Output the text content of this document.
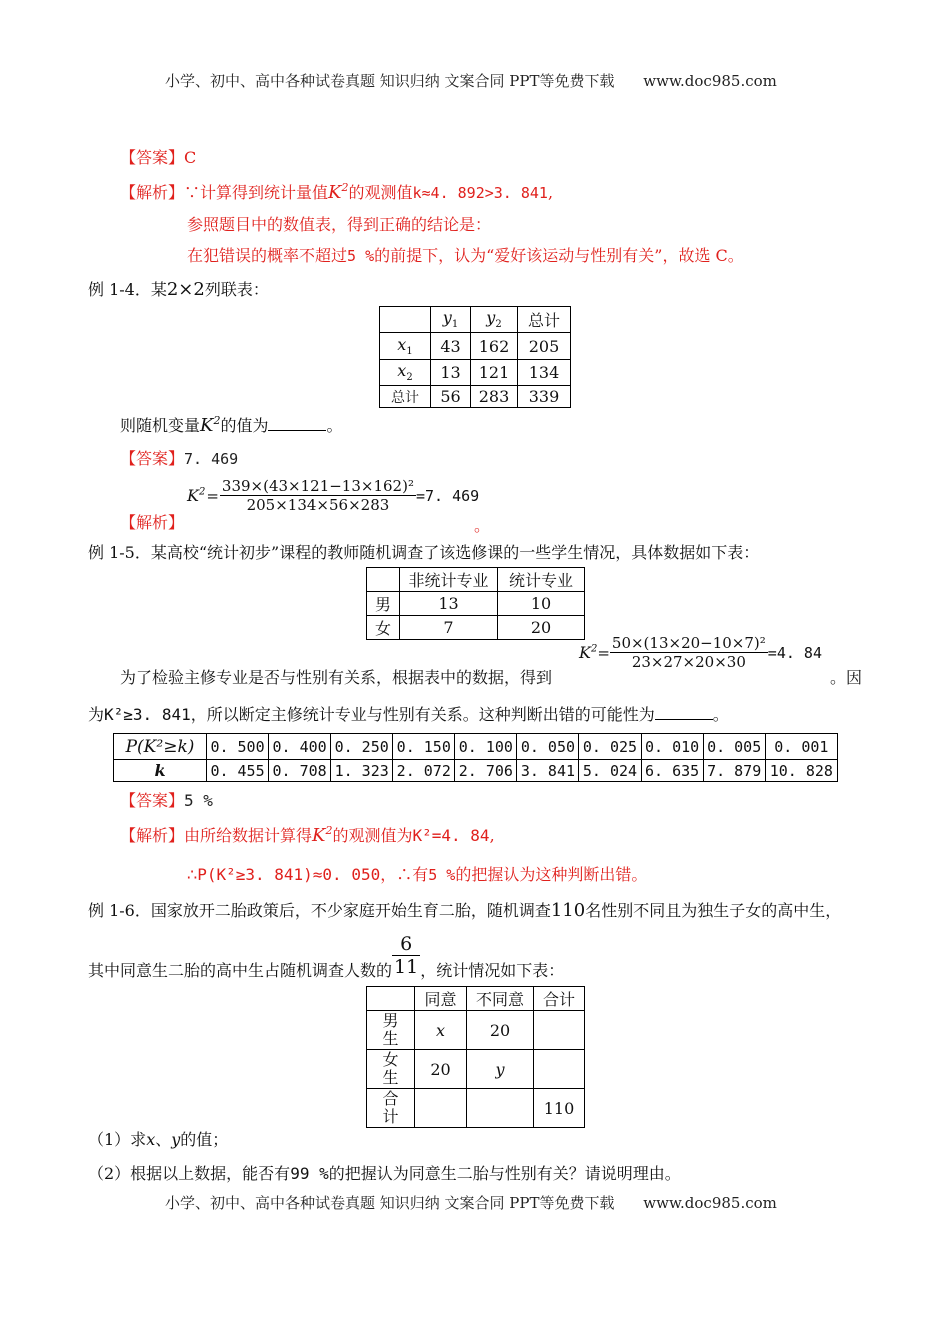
小学、初中、高中各种试卷真题 知识归纳 文案合同 PPT等免费下载 www.doc985.com
【答案】C
【解析】∵计算得到统计量值$K^2$的观测值k≈4. 892>3. 841,
参照题目中的数值表，得到正确的结论是：
在犯错误的概率不超过5 %的前提下，认为“爱好该运动与性别有关”，故选 C。
例 1-4．某2×2列联表：
	$y_1$	$y_2$	总计
$x_1$	43	162	205
$x_2$	13	121	134
总计	56	283	339
则随机变量$K^2$的值为	。
【答案】7. 469
【解析】
$K^2 = \frac{\text{339×(43×121−13×162)²}}{205\times 134\times 56\times 283} =7$. 469
。
例 1-5．某高校“统计初步”课程的教师随机调查了该选修课的一些学生情况，具体数据如下表：
	非统计专业	统计专业
男	13	10
女	7	20
为了检验主修专业是否与性别有关系，根据表中的数据，得到
$K^2 = \frac{\text{50×(13×20−10×7)²}}{23\times 27\times 20\times 30} =4$. 84
。因
为K²≥3. 841，所以断定主修统计专业与性别有关系。这种判断出错的可能性为	。
P(K²≥k)	0. 500	0. 400	0. 250	0. 150	0. 100	0. 050	0. 025	0. 010	0. 005	0. 001
k	0. 455	0. 708	1. 323	2. 072	2. 706	3. 841	5. 024	6. 635	7. 879	10. 828
【答案】5 %
【解析】由所给数据计算得$K^2$的观测值为K²=4. 84,
∴P(K²≥3. 841)≈0. 050，∴有5 %的把握认为这种判断出错。
例 1-6．国家放开二胎政策后，不少家庭开始生育二胎，随机调查110名性别不同且为独生子女的高中生，
其中同意生二胎的高中生占随机调查人数的 $\frac{6}{11}$ ，统计情况如下表：
	同意	不同意	合计
男
生	x	20	
女
生	20	y	
合
计			110
（1）求x、y的值；
（2）根据以上数据，能否有99 %的把握认为同意生二胎与性别有关？请说明理由。
小学、初中、高中各种试卷真题 知识归纳 文案合同 PPT等免费下载 www.doc985.com
